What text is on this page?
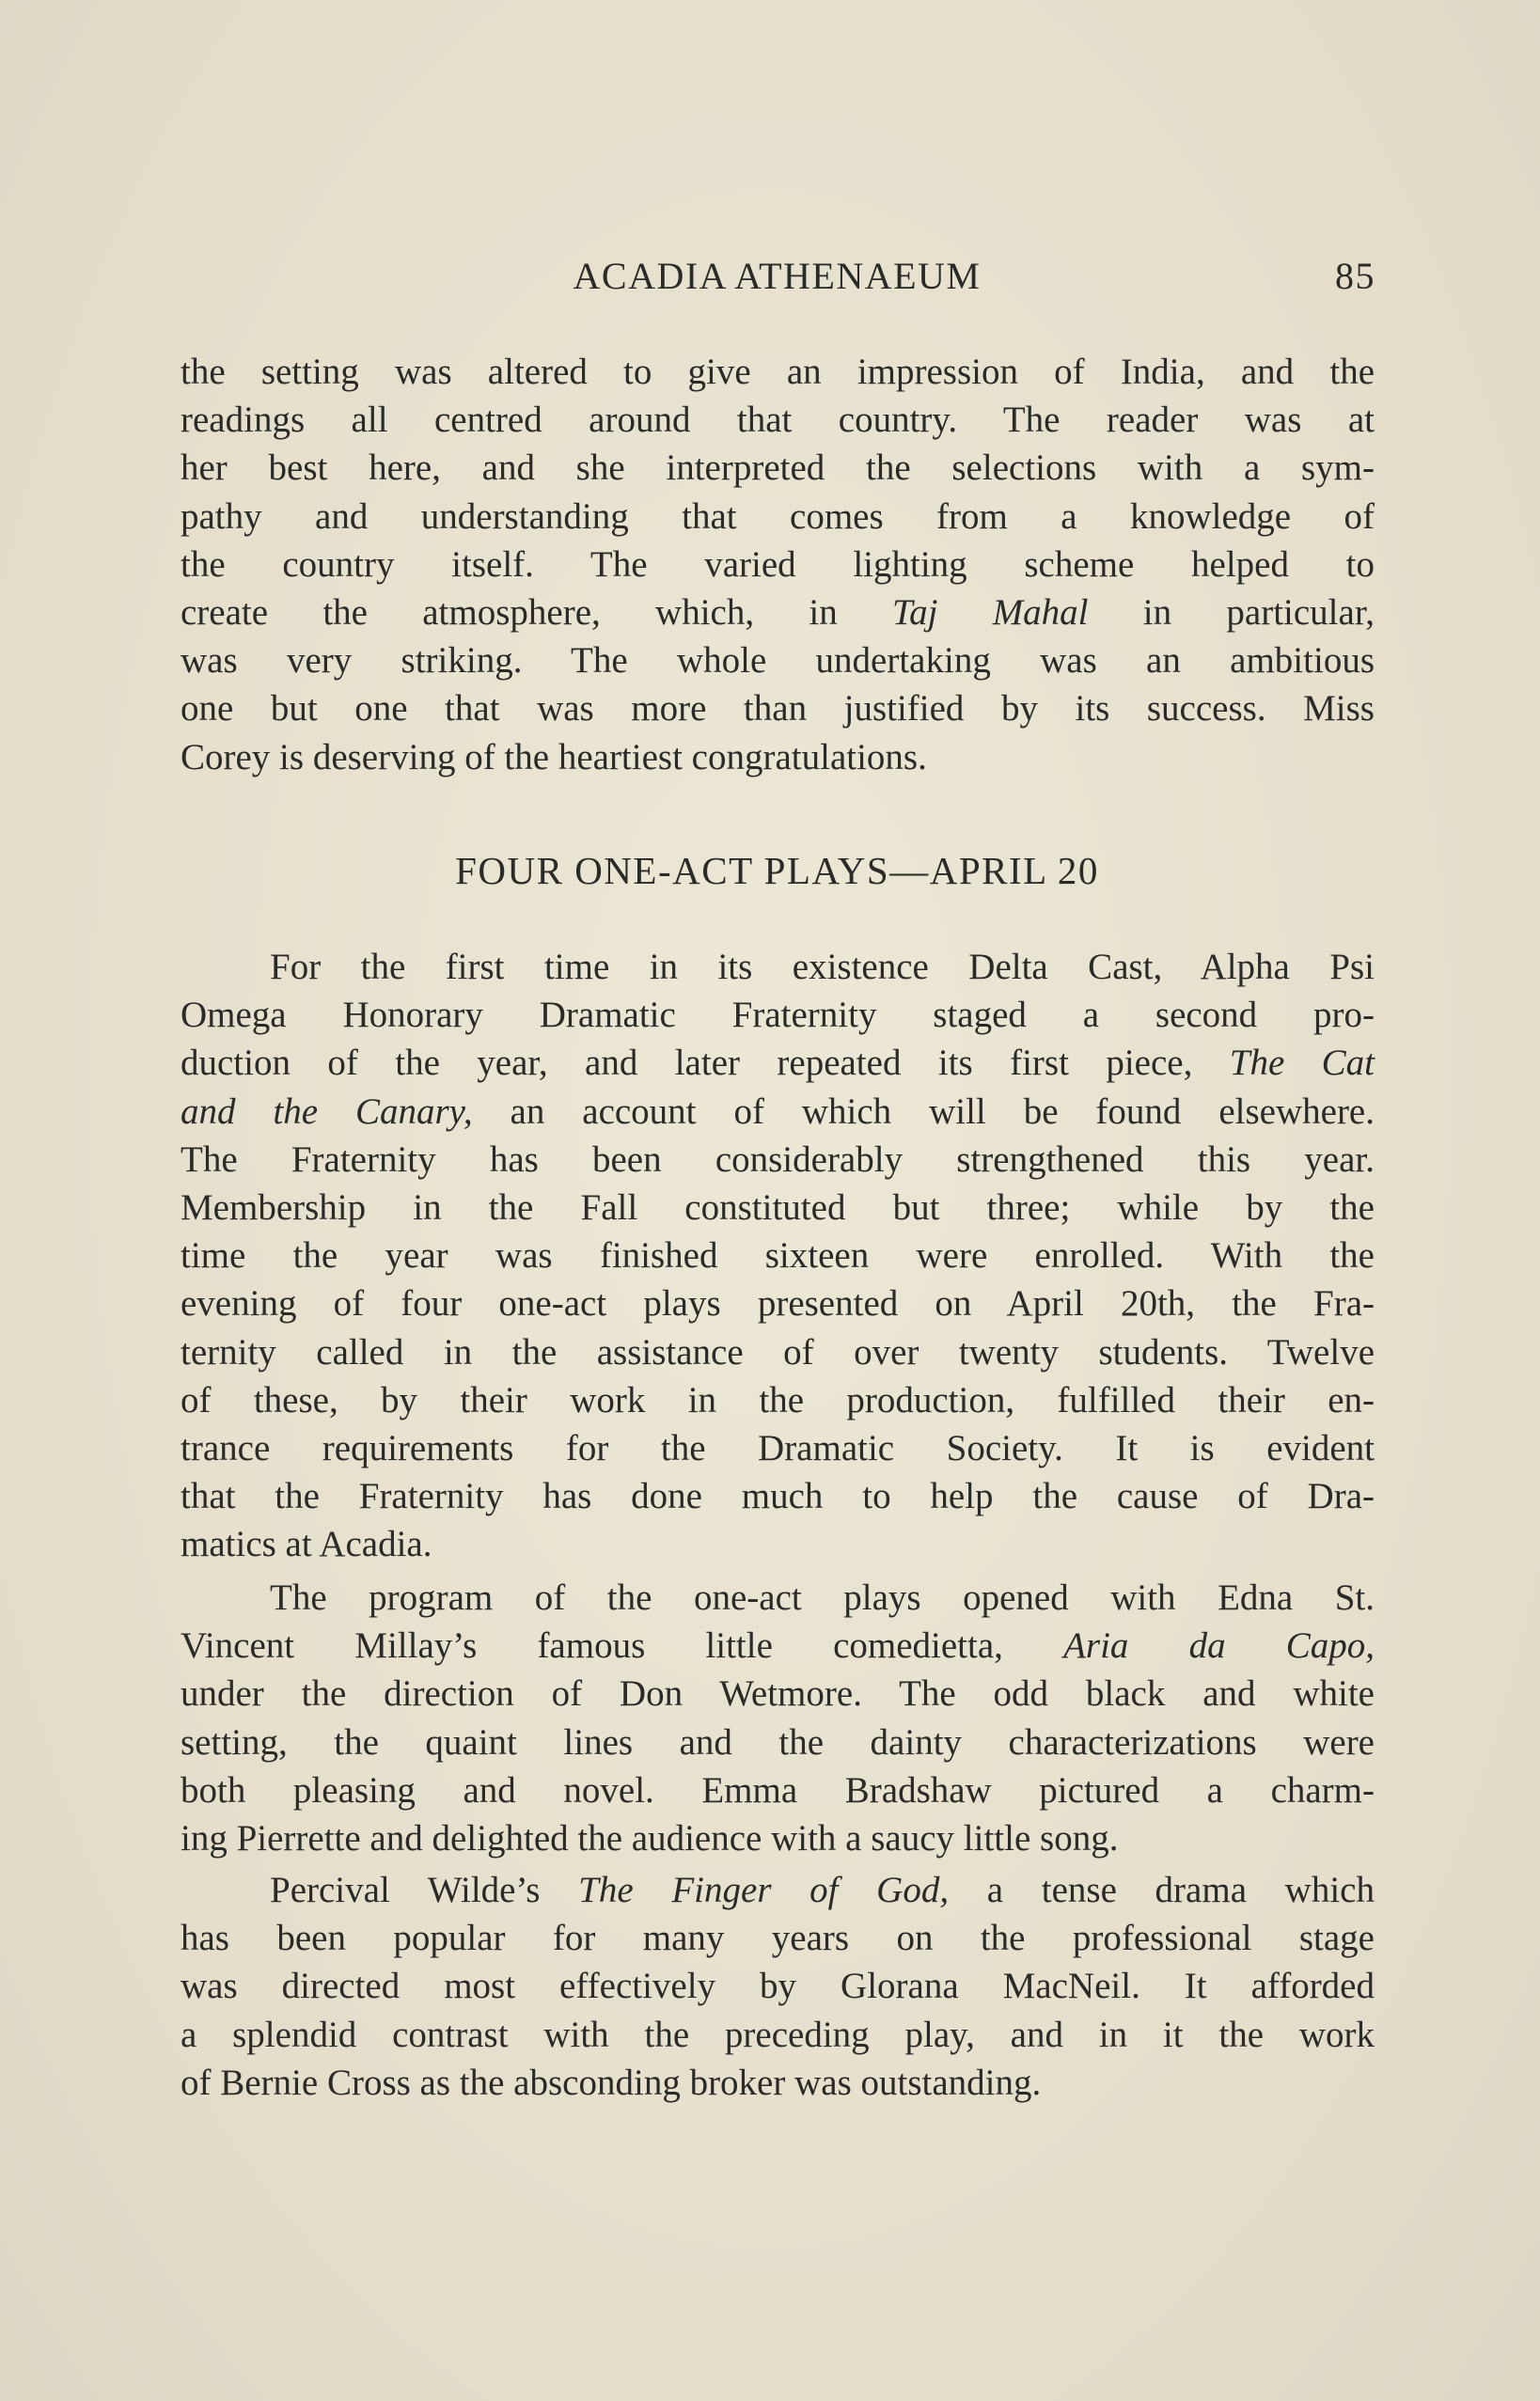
ACADIA ATHENAEUM	85
the setting was altered to give an impression of India, and the
readings all centred around that country. The reader was at
her best here, and she interpreted the selections with a sym-
pathy and understanding that comes from a knowledge of
the country itself. The varied lighting scheme helped to
create the atmosphere, which, in Taj Mahal in particular,
was very striking. The whole undertaking was an ambitious
one but one that was more than justified by its success. Miss
Corey is deserving of the heartiest congratulations.
FOUR ONE-ACT PLAYS—APRIL 20
For the first time in its existence Delta Cast, Alpha Psi
Omega Honorary Dramatic Fraternity staged a second pro-
duction of the year, and later repeated its first piece, The Cat
and the Canary, an account of which will be found elsewhere.
The Fraternity has been considerably strengthened this year.
Membership in the Fall constituted but three; while by the
time the year was finished sixteen were enrolled. With the
evening of four one-act plays presented on April 20th, the Fra-
ternity called in the assistance of over twenty students. Twelve
of these, by their work in the production, fulfilled their en-
trance requirements for the Dramatic Society. It is evident
that the Fraternity has done much to help the cause of Dra-
matics at Acadia.
The program of the one-act plays opened with Edna St.
Vincent Millay’s famous little comedietta, Aria da Capo,
under the direction of Don Wetmore. The odd black and white
setting, the quaint lines and the dainty characterizations were
both pleasing and novel. Emma Bradshaw pictured a charm-
ing Pierrette and delighted the audience with a saucy little song.
Percival Wilde’s The Finger of God, a tense drama which
has been popular for many years on the professional stage
was directed most effectively by Glorana MacNeil. It afforded
a splendid contrast with the preceding play, and in it the work
of Bernie Cross as the absconding broker was outstanding.
